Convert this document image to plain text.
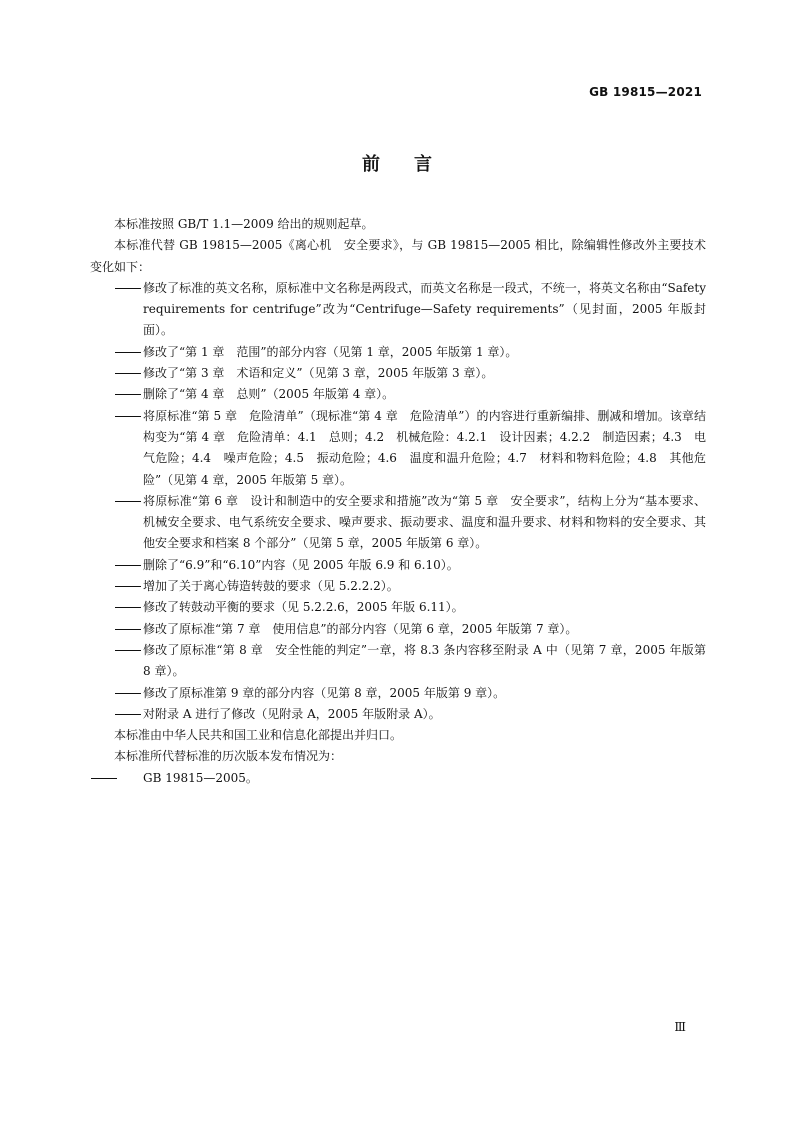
GB 19815—2021
前言

本标准按照 GB/T 1.1—2009 给出的规则起草。

本标准代替 GB 19815—2005《离心机　安全要求》，与 GB 19815—2005 相比，除编辑性修改外主要技术变化如下：

修改了标准的英文名称，原标准中文名称是两段式，而英文名称是一段式，不统一，将英文名称由“Safety requirements for centrifuge”改为“Centrifuge—Safety requirements”（见封面，2005 年版封面）。
修改了“第 1 章　范围”的部分内容（见第 1 章，2005 年版第 1 章）。
修改了“第 3 章　术语和定义”（见第 3 章，2005 年版第 3 章）。
删除了“第 4 章　总则”（2005 年版第 4 章）。
将原标准“第 5 章　危险清单”（现标准“第 4 章　危险清单”）的内容进行重新编排、删减和增加。该章结构变为“第 4 章　危险清单：4.1　总则；4.2　机械危险：4.2.1　设计因素；4.2.2　制造因素；4.3　电气危险；4.4　噪声危险；4.5　振动危险；4.6　温度和温升危险；4.7　材料和物料危险；4.8　其他危险”（见第 4 章，2005 年版第 5 章）。
将原标准“第 6 章　设计和制造中的安全要求和措施”改为“第 5 章　安全要求”，结构上分为“基本要求、机械安全要求、电气系统安全要求、噪声要求、振动要求、温度和温升要求、材料和物料的安全要求、其他安全要求和档案 8 个部分”（见第 5 章，2005 年版第 6 章）。
删除了“6.9”和“6.10”内容（见 2005 年版 6.9 和 6.10）。
增加了关于离心铸造转鼓的要求（见 5.2.2.2）。
修改了转鼓动平衡的要求（见 5.2.2.6，2005 年版 6.11）。
修改了原标准“第 7 章　使用信息”的部分内容（见第 6 章，2005 年版第 7 章）。
修改了原标准“第 8 章　安全性能的判定”一章，将 8.3 条内容移至附录 A 中（见第 7 章，2005 年版第 8 章）。
修改了原标准第 9 章的部分内容（见第 8 章，2005 年版第 9 章）。
对附录 A 进行了修改（见附录 A，2005 年版附录 A）。

本标准由中华人民共和国工业和信息化部提出并归口。

本标准所代替标准的历次版本发布情况为：

GB 19815—2005。
Ⅲ
